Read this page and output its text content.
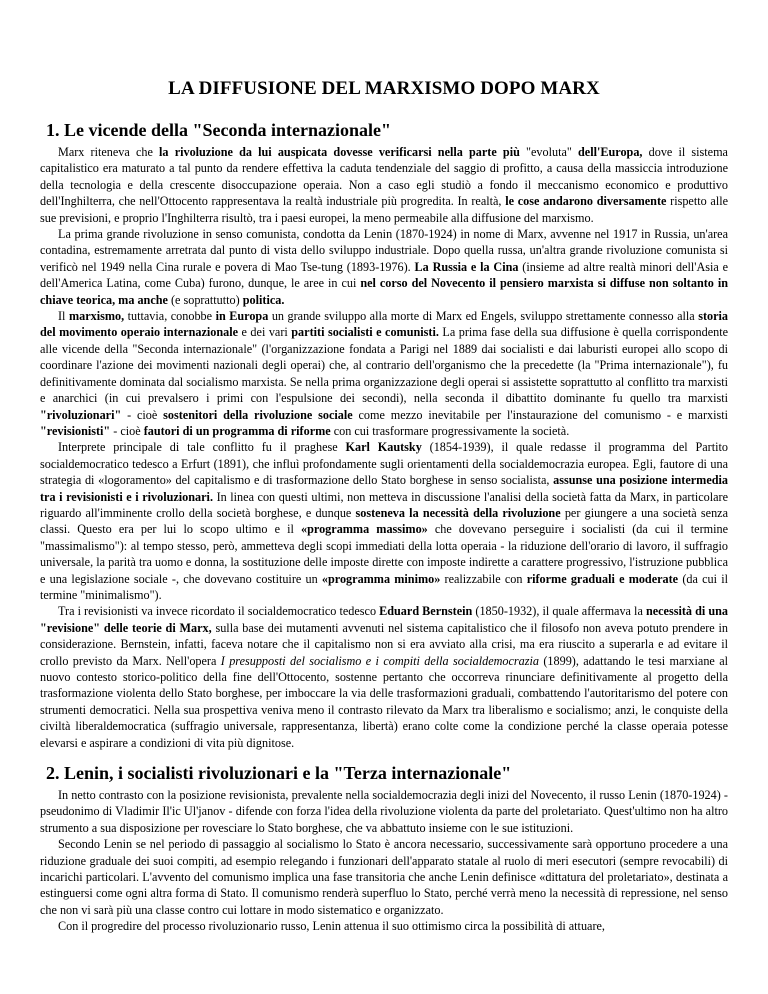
LA DIFFUSIONE DEL MARXISMO DOPO MARX
1. Le vicende della "Seconda internazionale"

Marx riteneva che la rivoluzione da lui auspicata dovesse verificarsi nella parte più "evoluta" dell'Europa, dove il sistema capitalistico era maturato a tal punto da rendere effettiva la caduta tendenziale del saggio di profitto, a causa della massiccia introduzione della tecnologia e della crescente disoccupazione operaia. Non a caso egli studiò a fondo il meccanismo economico e produttivo dell'Inghilterra, che nell'Ottocento rappresentava la realtà industriale più progredita. In realtà, le cose andarono diversamente rispetto alle sue previsioni, e proprio l'Inghilterra risultò, tra i paesi europei, la meno permeabile alla diffusione del marxismo.

La prima grande rivoluzione in senso comunista, condotta da Lenin (1870-1924) in nome di Marx, avvenne nel 1917 in Russia, un'area contadina, estremamente arretrata dal punto di vista dello sviluppo industriale. Dopo quella russa, un'altra grande rivoluzione comunista si verificò nel 1949 nella Cina rurale e povera di Mao Tse-tung (1893-1976). La Russia e la Cina (insieme ad altre realtà minori dell'Asia e dell'America Latina, come Cuba) furono, dunque, le aree in cui nel corso del Novecento il pensiero marxista si diffuse non soltanto in chiave teorica, ma anche (e soprattutto) politica.

Il marxismo, tuttavia, conobbe in Europa un grande sviluppo alla morte di Marx ed Engels, sviluppo strettamente connesso alla storia del movimento operaio internazionale e dei vari partiti socialisti e comunisti. La prima fase della sua diffusione è quella corrispondente alle vicende della "Seconda internazionale" (l'organizzazione fondata a Parigi nel 1889 dai socialisti e dai laburisti europei allo scopo di coordinare l'azione dei movimenti nazionali degli operai) che, al contrario dell'organismo che la precedette (la "Prima internazionale"), fu definitivamente dominata dal socialismo marxista. Se nella prima organizzazione degli operai si assistette soprattutto al conflitto tra marxisti e anarchici (in cui prevalsero i primi con l'espulsione dei secondi), nella seconda il dibattito dominante fu quello tra marxisti "rivoluzionari" - cioè sostenitori della rivoluzione sociale come mezzo inevitabile per l'instaurazione del comunismo - e marxisti "revisionisti" - cioè fautori di un programma di riforme con cui trasformare progressivamente la società.

Interprete principale di tale conflitto fu il praghese Karl Kautsky (1854-1939), il quale redasse il programma del Partito socialdemocratico tedesco a Erfurt (1891), che influì profondamente sugli orientamenti della socialdemocrazia europea. Egli, fautore di una strategia di «logoramento» del capitalismo e di trasformazione dello Stato borghese in senso socialista, assunse una posizione intermedia tra i revisionisti e i rivoluzionari. In linea con questi ultimi, non metteva in discussione l'analisi della società fatta da Marx, in particolare riguardo all'imminente crollo della società borghese, e dunque sosteneva la necessità della rivoluzione per giungere a una società senza classi. Questo era per lui lo scopo ultimo e il «programma massimo» che dovevano perseguire i socialisti (da cui il termine "massimalismo"): al tempo stesso, però, ammetteva degli scopi immediati della lotta operaia - la riduzione dell'orario di lavoro, il suffragio universale, la parità tra uomo e donna, la sostituzione delle imposte dirette con imposte indirette a carattere progressivo, l'istruzione pubblica e una legislazione sociale -, che dovevano costituire un «programma minimo» realizzabile con riforme graduali e moderate (da cui il termine "minimalismo").

Tra i revisionisti va invece ricordato il socialdemocratico tedesco Eduard Bernstein (1850-1932), il quale affermava la necessità di una "revisione" delle teorie di Marx, sulla base dei mutamenti avvenuti nel sistema capitalistico che il filosofo non aveva potuto prendere in considerazione. Bernstein, infatti, faceva notare che il capitalismo non si era avviato alla crisi, ma era riuscito a superarla e ad evitare il crollo previsto da Marx. Nell'opera I presupposti del socialismo e i compiti della socialdemocrazia (1899), adattando le tesi marxiane al nuovo contesto storico-politico della fine dell'Ottocento, sostenne pertanto che occorreva rinunciare definitivamente al progetto della trasformazione violenta dello Stato borghese, per imboccare la via delle trasformazioni graduali, combattendo l'autoritarismo del potere con strumenti democratici. Nella sua prospettiva veniva meno il contrasto rilevato da Marx tra liberalismo e socialismo; anzi, le conquiste della civiltà liberaldemocratica (suffragio universale, rappresentanza, libertà) erano colte come la condizione perché la classe operaia potesse elevarsi e aspirare a condizioni di vita più dignitose.

2. Lenin, i socialisti rivoluzionari e la "Terza internazionale"

In netto contrasto con la posizione revisionista, prevalente nella socialdemocrazia degli inizi del Novecento, il russo Lenin (1870-1924) - pseudonimo di Vladimir Il'ic Ul'janov - difende con forza l'idea della rivoluzione violenta da parte del proletariato. Quest'ultimo non ha altro strumento a sua disposizione per rovesciare lo Stato borghese, che va abbattuto insieme con le sue istituzioni.

Secondo Lenin se nel periodo di passaggio al socialismo lo Stato è ancora necessario, successivamente sarà opportuno procedere a una riduzione graduale dei suoi compiti, ad esempio relegando i funzionari dell'apparato statale al ruolo di meri esecutori (sempre revocabili) di incarichi particolari. L'avvento del comunismo implica una fase transitoria che anche Lenin definisce «dittatura del proletariato», destinata a estinguersi come ogni altra forma di Stato. Il comunismo renderà superfluo lo Stato, perché verrà meno la necessità di repressione, nel senso che non vi sarà più una classe contro cui lottare in modo sistematico e organizzato.

Con il progredire del processo rivoluzionario russo, Lenin attenua il suo ottimismo circa la possibilità di attuare,
